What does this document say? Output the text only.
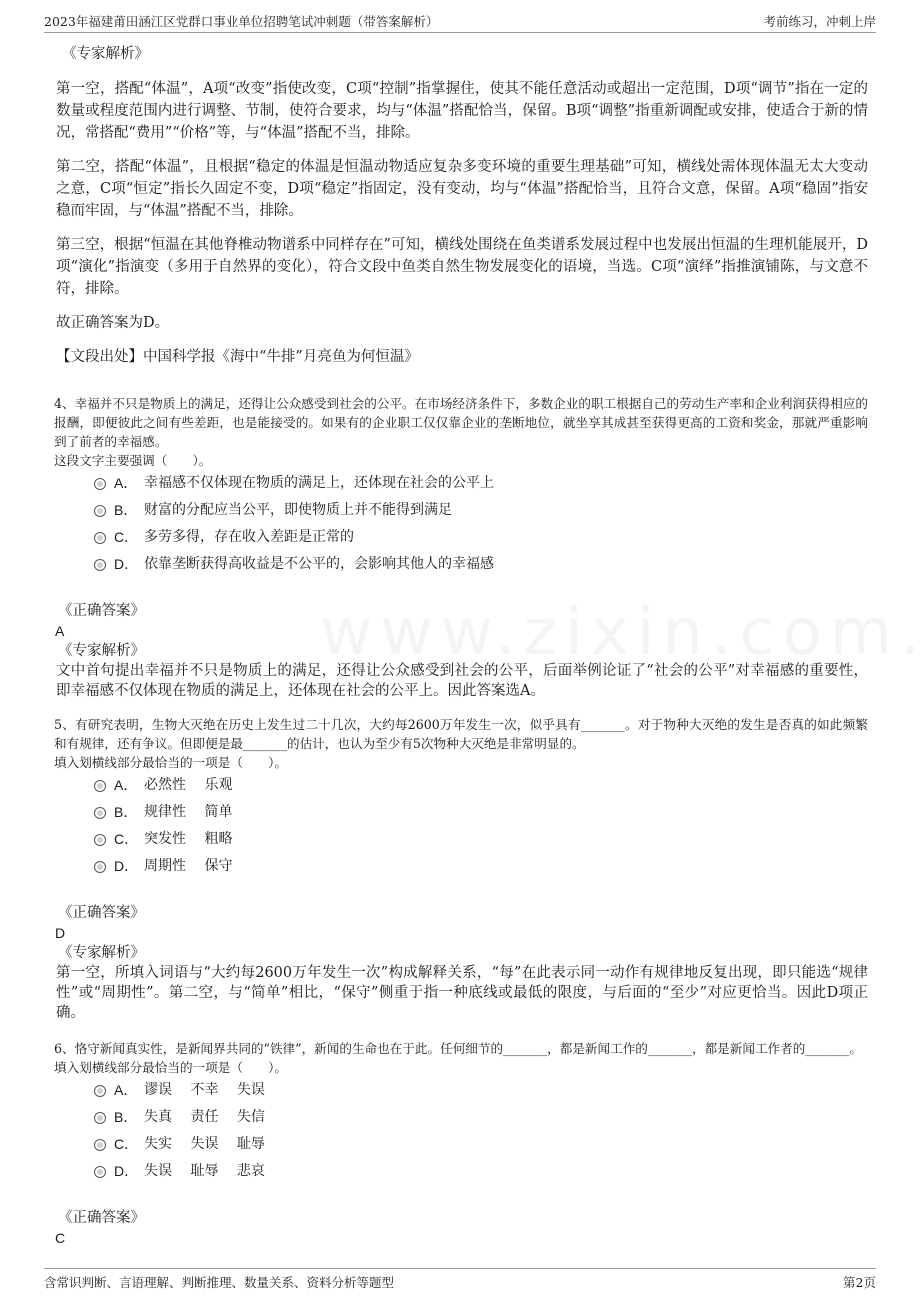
2023年福建莆田涵江区党群口事业单位招聘笔试冲刺题（带答案解析）	考前练习，冲刺上岸

《专家解析》

第一空，搭配“体温”，A项“改变”指使改变，C项“控制”指掌握住，使其不能任意活动或超出一定范围，D项“调节”指在一定的数量或程度范围内进行调整、节制，使符合要求，均与“体温”搭配恰当，保留。B项“调整”指重新调配或安排，使适合于新的情况，常搭配“费用”“价格”等，与“体温”搭配不当，排除。

第二空，搭配“体温”，且根据“稳定的体温是恒温动物适应复杂多变环境的重要生理基础”可知，横线处需体现体温无太大变动之意，C项“恒定”指长久固定不变，D项“稳定”指固定，没有变动，均与“体温”搭配恰当，且符合文意，保留。A项“稳固”指安稳而牢固，与“体温”搭配不当，排除。

第三空，根据“恒温在其他脊椎动物谱系中同样存在”可知，横线处围绕在鱼类谱系发展过程中也发展出恒温的生理机能展开，D项“演化”指演变（多用于自然界的变化），符合文段中鱼类自然生物发展变化的语境，当选。C项“演绎”指推演铺陈，与文意不符，排除。

故正确答案为D。

【文段出处】中国科学报《海中“牛排”月亮鱼为何恒温》

4、幸福并不只是物质上的满足，还得让公众感受到社会的公平。在市场经济条件下，多数企业的职工根据自己的劳动生产率和企业利润获得相应的报酬，即便彼此之间有些差距，也是能接受的。如果有的企业职工仅仅靠企业的垄断地位，就坐享其成甚至获得更高的工资和奖金，那就严重影响到了前者的幸福感。

这段文字主要强调（　　）。

A． 幸福感不仅体现在物质的满足上，还体现在社会的公平上
B． 财富的分配应当公平，即使物质上并不能得到满足
C． 多劳多得，存在收入差距是正常的
D． 依靠垄断获得高收益是不公平的，会影响其他人的幸福感

《正确答案》

A

《专家解析》

文中首句提出幸福并不只是物质上的满足，还得让公众感受到社会的公平，后面举例论证了“社会的公平”对幸福感的重要性，即幸福感不仅体现在物质的满足上，还体现在社会的公平上。因此答案选A。

5、有研究表明，生物大灭绝在历史上发生过二十几次，大约每2600万年发生一次，似乎具有_______。对于物种大灭绝的发生是否真的如此频繁和有规律，还有争议。但即便是最_______的估计，也认为至少有5次物种大灭绝是非常明显的。

填入划横线部分最恰当的一项是（　　）。

A． 必然性　 乐观
B． 规律性　 简单
C． 突发性　 粗略
D． 周期性　 保守

《正确答案》

D

《专家解析》

第一空，所填入词语与“大约每2600万年发生一次”构成解释关系，“每”在此表示同一动作有规律地反复出现，即只能选“规律性”或“周期性”。第二空，与“简单”相比，“保守”侧重于指一种底线或最低的限度，与后面的“至少”对应更恰当。因此D项正确。

6、恪守新闻真实性，是新闻界共同的“铁律”，新闻的生命也在于此。任何细节的_______，都是新闻工作的_______，都是新闻工作者的_______。

填入划横线部分最恰当的一项是（　　）。

A． 谬误　 不幸　 失误
B． 失真　 责任　 失信
C． 失实　 失误　 耻辱
D． 失误　 耻辱　 悲哀

《正确答案》

C

含常识判断、言语理解、判断推理、数量关系、资料分析等题型	第2页
